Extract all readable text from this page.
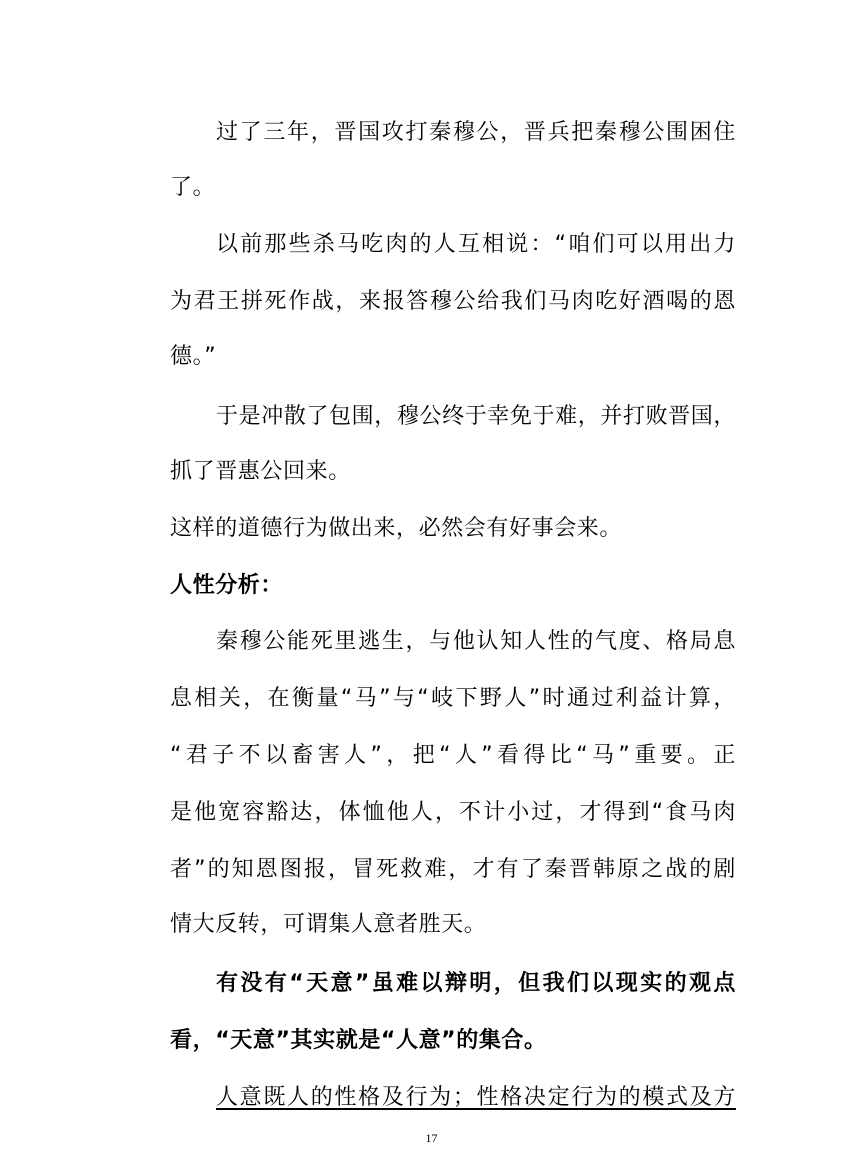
过了三年，晋国攻打秦穆公，晋兵把秦穆公围困住
了。
以前那些杀马吃肉的人互相说：“咱们可以用出力
为君王拼死作战，来报答穆公给我们马肉吃好酒喝的恩
德。”
于是冲散了包围，穆公终于幸免于难，并打败晋国，
抓了晋惠公回来。
这样的道德行为做出来，必然会有好事会来。
人性分析：
秦穆公能死里逃生，与他认知人性的气度、格局息
息相关，在衡量“马”与“岐下野人”时通过利益计算，
“君子不以畜害人”，把“人”看得比“马”重要。正
是他宽容豁达，体恤他人，不计小过，才得到“食马肉
者”的知恩图报，冒死救难，才有了秦晋韩原之战的剧
情大反转，可谓集人意者胜天。
有没有“天意”虽难以辩明，但我们以现实的观点
看，“天意”其实就是“人意”的集合。
人意既人的性格及行为；性格决定行为的模式及方
17
